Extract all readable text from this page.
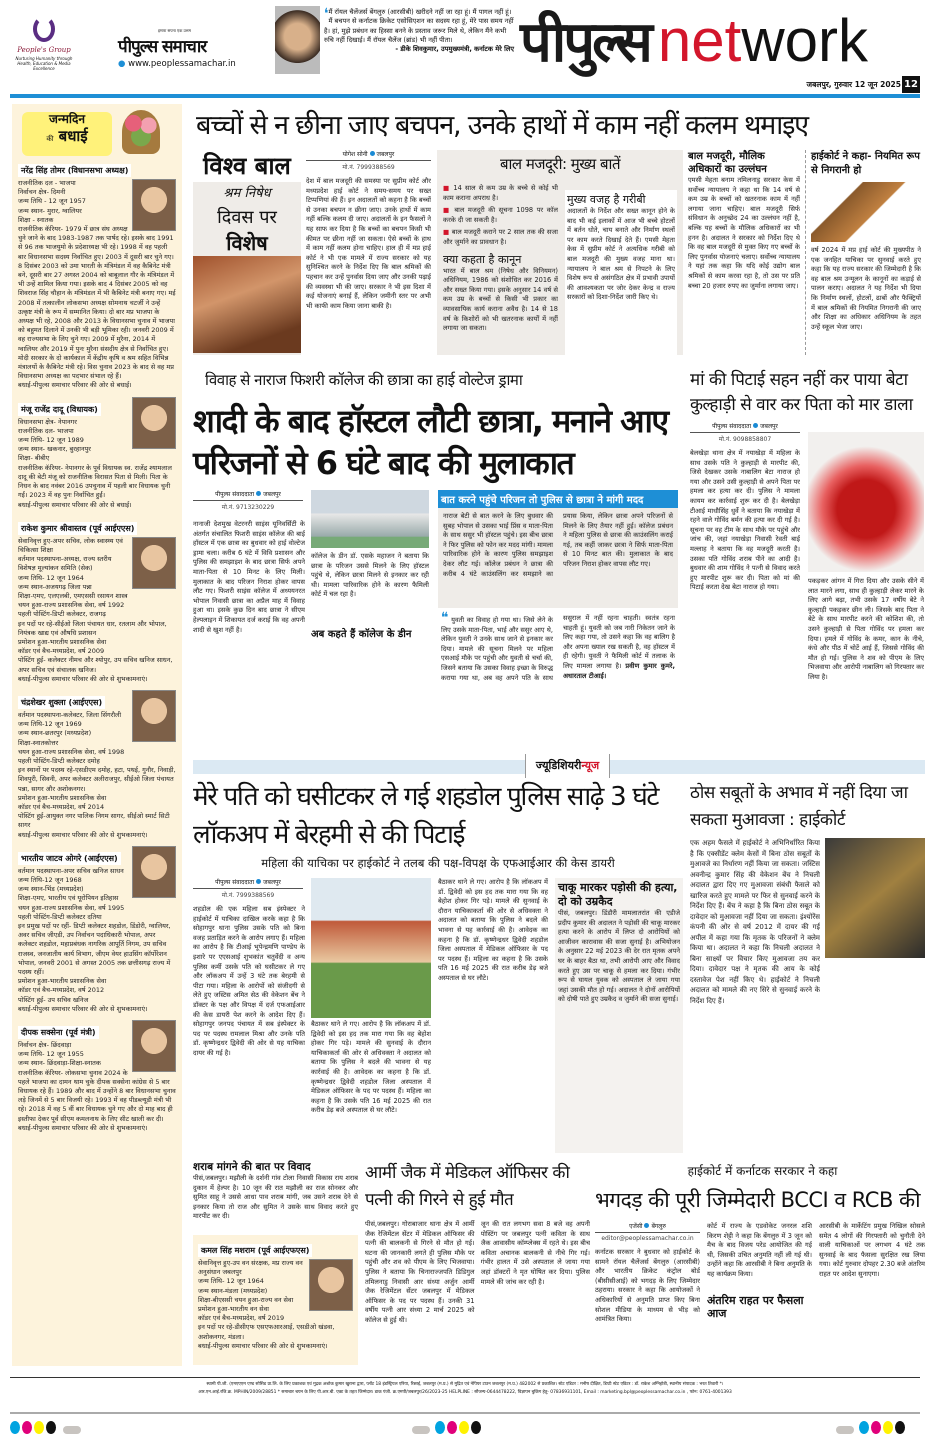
People's Group
Nurturing Humanity through Health, Education & Media Excellence
हमारा सपना एक उत्तम
पीपुल्स समाचार
● www.peoplessamachar.in
❛ मैं रॉयल चैलेंजर्स बेंगलुरु (आरसीबी) खरीदने नहीं जा रहा हूं। मैं पागल नहीं हूं। मैं बचपन से कर्नाटक क्रिकेट एसोसिएशन का सदस्य रहा हूं, मेरे पास समय नहीं है। हां, मुझे प्रबंधन का हिस्सा बनने के प्रस्ताव जरूर मिले थे, लेकिन मैंने कभी रुचि नहीं दिखाई। मैं रॉयल चैलेंज (ब्रांड) भी नहीं पीता।
- डीके शिवकुमार, उपमुख्यमंत्री, कर्नाटक मेरे लिए पीपुल्स network
जबलपुर, गुरुवार 12 जून 2025 12
जन्मदिन
की बधाई
नरेंद्र सिंह तोमर (विधानसभा अध्यक्ष)
राजनीतिक दल - भाजपा
निर्वाचन क्षेत्र- दिमनी
जन्म तिथि - 12 जून 1957
जन्म स्थान- मुरार, ग्वालियर
शिक्षा - स्नातक
राजनीतिक कॅरियर- 1979 में छात्र संघ अध्यक्ष चुने जाने के बाद 1983-1987 तक पार्षद रहे। इसके बाद 1991 से 96 तक भाजयुमो के प्रदेशाध्यक्ष भी रहे। 1998 में वह पहली बार विधानसभा सदस्य निर्वाचित हुए। 2003 में दूसरी बार चुने गए। 8 दिसंबर 2003 को उमा भारती के मंत्रिमंडल में वह कैबिनेट मंत्री बने, दूसरी बार 27 अगस्त 2004 को बाबूलाल गौर के मंत्रिमंडल में भी उन्हें शामिल किया गया। इसके बाद 4 दिसंबर 2005 को वह शिवराज सिंह चौहान के मंत्रिमंडल में भी कैबिनेट मंत्री बनाए गए। मई 2008 में तत्कालीन लोकसभा अध्यक्ष सोमनाथ चटर्जी ने उन्हें उत्कृष्ट मंत्री के रूप में सम्मानित किया। दो बार मप्र भाजपा के अध्यक्ष भी रहे, 2008 और 2013 के विधानसभा चुनाव में भाजपा को बहुमत दिलाने में उनकी भी बड़ी भूमिका रही। जनवरी 2009 में वह राज्यसभा के लिए चुने गए। 2009 में मुरैना, 2014 में ग्वालियर और 2019 में पुनः मुरैना संसदीय क्षेत्र से निर्वाचित हुए। मोदी सरकार के दो कार्यकाल में केंद्रीय कृषि व श्रम सहित विभिन्न मंत्रालयों के कैबिनेट मंत्री रहे। विस चुनाव 2023 के बाद से वह मप्र विधानसभा अध्यक्ष का पदभार संभाल रहे हैं।
बधाई-पीपुल्स समाचार परिवार की ओर से बधाई।
मंजू राजेंद्र दादू (विधायक)
विधानसभा क्षेत्र- नेपानगर
राजनीतिक दल- भाजपा
जन्म तिथि- 12 जून 1989
जन्म स्थान- खकनार, बुरहानपुर
शिक्षा- बीबीए
राजनीतिक कॅरियर- नेपानगर के पूर्व विधायक स्व. राजेंद्र श्यामलाल दादू की बेटी मंजू को राजनीतिक विरासत पिता से मिली। पिता के निधन के बाद नवंबर 2016 उपचुनाव में पहली बार विधायक चुनी गईं। 2023 में वह पुनः निर्वाचित हुईं।
बधाई-पीपुल्स समाचार परिवार की ओर से बधाई।
राकेश कुमार श्रीवास्तव (पूर्व आईएएस)
सेवानिवृत्त हुए-अपर सचिव, लोक स्वास्थ्य एवं चिकित्सा शिक्षा
वर्तमान पदस्थापना-अध्यक्ष, राज्य स्तरीय विशेषज्ञ मूल्यांकन समिति (सेक)
जन्म तिथि- 12 जून 1964
जन्म स्थान-अजयगढ़ जिला पन्ना
शिक्षा-एमए, एलएलबी, एमएससी रसायन शास्त्र
चयन हुआ-राज्य प्रशासनिक सेवा, वर्ष 1992
पहली पोस्टिंग-डिप्टी कलेक्टर, राजगढ़
इन पदों पर रहे-सीईओ जिला पंचायत धार, रतलाम और भोपाल, नियंत्रक खाद्य एवं औषधि प्रशासन
प्रमोशन हुआ-भारतीय प्रशासनिक सेवा
कॉडर एवं बैच-मध्यप्रदेश, वर्ष 2009
पोस्टिंग हुई- कलेक्टर नीमच और श्योपुर, उप सचिव खनिज साधन, अपर सचिव एवं संचालक खनिज।
बधाई-पीपुल्स समाचार परिवार की ओर से शुभकामनाएं।
चंद्रशेखर शुक्ला (आईएएस)
वर्तमान पदस्थापना-कलेक्टर, जिला सिंगरौली
जन्म तिथि-12 जून 1969
जन्म स्थान-छतरपुर (मध्यप्रदेश)
शिक्षा-स्नातकोत्तर
चयन हुआ-राज्य प्रशासनिक सेवा, वर्ष 1998
पहली पोस्टिंग-डिप्टी कलेक्टर दमोह
इन स्थानों पर पदस्थ रहे-एसडीएम दमोह, हटा, पथई, गुनौर, निवाड़ी, शिवपुरी, सिवनी, अपर कलेक्टर अलीराजपुर, सीईओ जिला पंचायत पन्ना, सागर और अशोकनगर।
प्रमोशन हुआ-भारतीय प्रशासनिक सेवा
कॉडर एवं बैच-मध्यप्रदेश, वर्ष 2014
पोस्टिंग हुई-आयुक्त नगर पालिक निगम सागर, सीईओ स्मार्ट सिटी सागर
बधाई-पीपुल्स समाचार परिवार की ओर से शुभकामनाएं।
भारतीय जाटव ओगरे (आईएएस)
वर्तमान पदस्थापना-अपर सचिव खनिज साधन
जन्म तिथि-12 जून 1968
जन्म स्थान-भिंड (मध्यप्रदेश)
शिक्षा-एमए, भारतीय एवं यूरोपियन इतिहास
चयन हुआ-राज्य प्रशासनिक सेवा, वर्ष 1995
पहली पोस्टिंग-डिप्टी कलेक्टर दतिया
इन प्रमुख पदों पर रहीं- डिप्टी कलेक्टर शहडोल, डिंडोरी, ग्वालियर, अवर सचिव जीएडी, उप निर्वाचन पदाधिकारी भोपाल, अपर कलेक्टर शहडोल, महाप्रबंधक नागरिक आपूर्ति निगम, उप सचिव राजस्व, जनजातीय कार्य विभाग, जीएम वेयर हाउसिंग कॉर्पोरेशन भोपाल, जनवरी 2001 से अगस्त 2005 तक छत्तीसगढ़ राज्य में पदस्थ रहीं।
प्रमोशन हुआ-भारतीय प्रशासनिक सेवा
कॉडर एवं बैच-मध्यप्रदेश, वर्ष 2012
पोस्टिंग हुई- उप सचिव खनिज
बधाई-पीपुल्स समाचार परिवार की ओर से शुभकामनाएं।
दीपक सक्सेना (पूर्व मंत्री)
निर्वाचन क्षेत्र- छिंदवाड़ा
जन्म तिथि- 12 जून 1955
जन्म स्थान- छिंदवाड़ा-शिक्षा-स्नातक
राजनीतिक कॅरियर- लोकसभा चुनाव 2024 के पहले भाजपा का दामन थाम चुके दीपक सक्सेना कांग्रेस से 5 बार विधायक रहे हैं। 1989 और बाद में उन्होंने 8 बार विधानसभा चुनाव लड़े जिनमें से 5 बार विजयी रहे। 1993 में वह पीडब्ल्यूडी मंत्री भी रहे। 2018 में वह 5 वीं बार विधायक चुने गए और दो माह बाद ही इस्तीफा देकर पूर्व सीएम कमलनाथ के लिए सीट खाली कर दी।
बधाई-पीपुल्स समाचार परिवार की ओर से शुभकामनाएं।
बच्चों से न छीना जाए बचपन, उनके हाथों में काम नहीं कलम थमाइए
विश्व बाल
श्रम निषेध
दिवस पर
विशेष
योगेश सोनी जबलपुर
मो.नं. 7999388569
देश में बाल मजदूरी की समस्या पर सुप्रीम कोर्ट और मध्यप्रदेश हाई कोर्ट ने समय-समय पर सख्त टिप्पणियां की हैं। इन अदालतों को कहना है कि बच्चों से उनका बचपन न छीना जाए। उनके हाथों में काम नहीं बल्कि कलम दी जाए। अदालतों के इन फैसलों ने यह साफ कर दिया है कि बच्चों का बचपन किसी भी कीमत पर छीना नहीं जा सकता। ऐसे बच्चों के हाथ में काम नहीं कलम होना चाहिए। हाल ही में मप्र हाई कोर्ट ने भी एक मामले में राज्य सरकार को यह सुनिश्चित करने के निर्देश दिए कि बाल श्रमिकों की पहचान कर उन्हें पुनर्वास दिया जाए और उनकी पढ़ाई की व्यवस्था भी की जाए। सरकार ने भी इस दिशा में कई योजनाएं बनाई हैं, लेकिन जमीनी स्तर पर अभी भी काफी काम किया जाना बाकी है।
बाल मजदूरी: मुख्य बातें
■ 14 साल से कम उम्र के बच्चे से कोई भी काम कराना अपराध है।
■ बाल मजदूरी की सूचना 1098 पर कॉल करके दी जा सकती है।
■ बाल मजदूरी कराने पर 2 साल तक की सजा और जुर्माने का प्रावधान है।
क्या कहता है कानून
भारत में बाल श्रम (निषेध और विनियमन) अधिनियम, 1986 को संशोधित कर 2016 में और सख्त किया गया। इसके अनुसार 14 वर्ष से कम उम्र के बच्चों से किसी भी प्रकार का व्यावसायिक कार्य कराना अवैध है। 14 से 18 वर्ष के किशोरों को भी खतरनाक कार्यों में नहीं लगाया जा सकता।
मुख्य वजह है गरीबी
अदालतों के निर्देश और सख्त कानून होने के बाद भी कई इलाकों में आज भी बच्चे होटलों में बर्तन धोते, चाय बनाते और निर्माण स्थलों पर काम करते दिखाई देते हैं। एमसी मेहता केस में सुप्रीम कोर्ट ने अत्यधिक गरीबी को बाल मजदूरी की मुख्य वजह माना था। न्यायालय ने बाल श्रम से निपटने के लिए विशेष रूप से असंगठित क्षेत्र में प्रभावी उपायों की आवश्यकता पर जोर देकर केन्द्र व राज्य सरकारों को दिशा-निर्देश जारी किए थे।
बाल मजदूरी, मौलिक अधिकारों का उल्लंघन
एमसी मेहता बनाम तमिलनाडु सरकार केस में सर्वोच्च न्यायालय ने कहा था कि 14 वर्ष से कम उम्र के बच्चों को खतरनाक काम में नहीं लगाया जाना चाहिए। बाल मजदूरी सिर्फ संविधान के अनुच्छेद 24 का उल्लंघन नहीं है, बल्कि यह बच्चों के मौलिक अधिकारों का भी हनन है। अदालत ने सरकार को निर्देश दिए थे कि वह बाल मजदूरी से मुक्त किए गए बच्चों के लिए पुनर्वास योजनाएं चलाए। सर्वोच्च न्यायालय ने यहां तक कहा कि यदि कोई उद्योग बाल श्रमिकों से काम करवा रहा है, तो उस पर प्रति बच्चा 20 हजार रुपए का जुर्माना लगाया जाए।
हाईकोर्ट ने कहा- नियमित रूप से निगरानी हो
वर्ष 2024 में मप्र हाई कोर्ट की मुख्यपीठ ने एक जनहित याचिका पर सुनवाई करते हुए कहा कि यह राज्य सरकार की जिम्मेदारी है कि वह बाल श्रम उन्मूलन के कानूनों का कड़ाई से पालन कराए। अदालत ने यह निर्देश भी दिया कि निर्माण स्थलों, होटलों, ढाबों और फैक्ट्रियों में बाल श्रमिकों की नियमित निगरानी की जाए और शिक्षा का अधिकार अधिनियम के तहत उन्हें स्कूल भेजा जाए।
विवाह से नाराज फिशरी कॉलेज की छात्रा का हाई वोल्टेज ड्रामा
शादी के बाद हॉस्टल लौटी छात्रा, मनाने आए परिजनों से 6 घंटे बाद की मुलाकात
पीपुल्स संवाददाता जबलपुर
मो.नं. 9713230229
नानाजी देशमुख वेटरनरी साइंस यूनिवर्सिटी के अंतर्गत संचालित फिशरी साइंस कॉलेज की बाई हॉस्टल में एक छात्रा का बुधवार को हाई वोल्टेज ड्रामा चला। करीब 6 घंटे में विवि प्रशासन और पुलिस की समझाइश के बाद छात्रा सिर्फ अपने माता-पिता से 10 मिनट के लिए मिली। मुलाकात के बाद परिजन निराश होकर वापस लौट गए। फिशरी साइंस कॉलेज में अध्ययनरत भोपाल निवासी छात्रा का अप्रैल माह में विवाह हुआ था। इसके कुछ दिन बाद छात्रा ने सीएम हेल्पलाइन में शिकायत दर्ज कराई कि वह अपनी शादी से खुश नहीं है।
कॉलेज के डीन डॉ. एसके महाजन ने बताया कि छात्रा के परिजन उससे मिलने के लिए हॉस्टल पहुंचे थे, लेकिन छात्रा मिलने से इनकार कर रही थी। मामला पारिवारिक होने के कारण फैमिली कोर्ट में चल रहा है।
अब कहते हैं कॉलेज के डीन
बात करने पहुंचे परिजन तो पुलिस से छात्रा ने मांगी मदद
नाराज बेटी से बात करने के लिए बुधवार की सुबह भोपाल से उसका भाई प्रिंस व माता-पिता के साथ ससुर भी हॉस्टल पहुंचे। इस बीच छात्रा ने फिर पुलिस को फोन कर मदद मांगी। मामला पारिवारिक होने के कारण पुलिस समझाइश देकर लौट गई। कॉलेज प्रबंधन ने छात्रा की करीब 4 घंटे काउंसलिंग कर समझाने का प्रयास किया, लेकिन छात्रा अपने परिजनों से मिलने के लिए तैयार नहीं हुई। कॉलेज प्रबंधन ने महिला पुलिस से छात्रा की काउंसलिंग कराई गई, तब कहीं जाकर छात्रा ने सिर्फ माता-पिता से 10 मिनट बात की। मुलाकात के बाद परिजन निराश होकर वापस लौट गए।
❝ युवती का विवाह हो गया था। जिसे लेने के लिए उसके माता-पिता, भाई और ससुर आए थे, लेकिन युवती ने उनके साथ जाने से इनकार कर दिया। मामले की सूचना मिलने पर महिला एसआई मौके पर पहुंची और युवती से चर्चा की, जिसने बताया कि उसका विवाह इच्छा के विरुद्ध कराया गया था, अब वह अपने पति के साथ ससुराल में नहीं रहना चाहती। स्वतंत्र रहना चाहती हूं। युवती को जब नारी निकेतन जाने के लिए कहा गया, तो उसने कहा कि वह बालिग है और अपना ख्याल रख सकती है, वह हॉस्टल में ही रहेगी। युवती ने फैमिली कोर्ट में तलाक के लिए मामला लगाया है। प्रवीण कुमार कुमरे, अधारताल टीआई।
मां की पिटाई सहन नहीं कर पाया बेटा कुल्हाड़ी से वार कर पिता को मार डाला
पीपुल्स संवाददाता जबलपुर
मो.नं. 9098858807
बेलखेड़ा थाना क्षेत्र में नयाखेड़ा में महिला के साथ उसके पति ने कुल्हाड़ी से मारपीट की, जिसे देखकर उसके नाबालिग बेटा नाराज हो गया और उसने उसी कुल्हाड़ी से अपने पिता पर हमला कर हत्या कर दी। पुलिस ने मामला कायम कर कार्रवाई शुरू कर दी है। बेलखेड़ा टीआई माधौसिंह धुर्वे ने बताया कि नयाखेड़ा में रहने वाले गोविंद बर्मन की हत्या कर दी गई है। सूचना पर वह टीम के साथ मौके पर पहुंचे और जांच की, जहां नयाखेड़ा निवासी रेवती बाई मल्लाह ने बताया कि वह मजदूरी करती है। उसका पति गोविंद शराब पीने का आदी है। बुधवार की शाम गोविंद ने पत्नी से विवाद करते हुए मारपीट शुरू कर दी। पिता को मां की पिटाई करता देख बेटा नाराज हो गया।
पकड़कर आंगन में गिरा दिया और उसके सीने में लात मारने लगा, साथ ही कुल्हाड़ी लेकर मारने के लिए आगे बढ़ा, तभी उसके 17 वर्षीय बेटे ने कुल्हाड़ी पकड़कर छीन ली। जिसके बाद पिता ने बेटे के साथ मारपीट करने की कोशिश की, तो उसने कुल्हाड़ी से पिता गोविंद पर हमला कर दिया। हमले में गोविंद के कमर, कान के नीचे, कंधे और पीठ में चोटें आई हैं, जिससे गोविंद की मौत हो गई। पुलिस ने शव को पीएम के लिए भिजवाया और आरोपी नाबालिग को गिरफ्तार कर लिया है।
ज्यूडिशियरीन्यूज
मेरे पति को घसीटकर ले गई शहडोल पुलिस साढ़े 3 घंटे लॉकअप में बेरहमी से की पिटाई
महिला की याचिका पर हाईकोर्ट ने तलब की पक्ष-विपक्ष के एफआईआर की केस डायरी
पीपुल्स संवाददाता जबलपुर
मो.नं. 7999388569
शहडोल की एक महिला सब इंस्पेक्टर ने हाईकोर्ट में याचिका दाखिल करके कहा है कि सोहागपुर थाना पुलिस उसके पति को बिना वजह प्रताड़ित करने के आरोप लगाए हैं। महिला का आरोप है कि टीआई भूपेन्द्रमणि पाण्डेय के इशारे पर एएसआई शुभकांत चतुर्वेदी व अन्य पुलिस कर्मी उसके पति को घसीटकर ले गए और लॉकअप में उन्हें 3 घंटे तक बेरहमी से पीटा गया। महिला के आरोपों को संजीदगी से लेते हुए जस्टिस अमित सेठ की वेकेशन बेंच ने डॉक्टर के पक्ष और विपक्ष में दर्ज एफआईआर की केस डायरी पेश करने के आदेश दिए हैं। सोहागपुर जनपद पंचायत में सब इंस्पेक्टर के पद पर पदस्थ रामलाल मिश्रा और उनके पति डॉ. कृष्णेन्द्रधर द्विवेदी की ओर से यह याचिका दायर की गई है।
बैठाकर थाने ले गए। आरोप है कि लॉकअप में डॉ. द्विवेदी को इस हद तक मारा गया कि वह बेहोश होकर गिर पड़े। मामले की सुनवाई के दौरान याचिकाकर्ता की ओर से अधिवक्ता ने अदालत को बताया कि पुलिस ने बदले की भावना से यह कार्रवाई की है। आवेदक का कहना है कि डॉ. कृष्णेन्द्रधर द्विवेदी शहडोल जिला अस्पताल में मेडिकल ऑफिसर के पद पर पदस्थ हैं। महिला का कहना है कि उसके पति 16 मई 2025 की रात करीब डेढ़ बजे अस्पताल से घर लौटे।
बैठाकर थाने ले गए। आरोप है कि लॉकअप में डॉ. द्विवेदी को इस हद तक मारा गया कि वह बेहोश होकर गिर पड़े। मामले की सुनवाई के दौरान याचिकाकर्ता की ओर से अधिवक्ता ने अदालत को बताया कि पुलिस ने बदले की भावना से यह कार्रवाई की है। आवेदक का कहना है कि डॉ. कृष्णेन्द्रधर द्विवेदी शहडोल जिला अस्पताल में मेडिकल ऑफिसर के पद पर पदस्थ हैं। महिला का कहना है कि उसके पति 16 मई 2025 की रात करीब डेढ़ बजे अस्पताल से घर लौटे।
चाकू मारकर पड़ोसी की हत्या, दो को उम्रकैद
पीसं, जबलपुर। डिंडौरी मामलातरांत की एडीजे प्रदीप कुमार की अदालत ने पड़ोसी की चाकू मारकर हत्या करने के आरोप में लिप्त दो आरोपियों को आजीवन कारावास की सजा सुनाई है। अभियोजन के अनुसार 22 मई 2023 की देर रात मृतक अपने घर के बाहर बैठा था, तभी आरोपी आए और विवाद करते हुए उस पर चाकू से हमला कर दिया। गंभीर रूप से घायल युवक को अस्पताल ले जाया गया जहां उसकी मौत हो गई। अदालत ने दोनों आरोपियों को दोषी पाते हुए उम्रकैद व जुर्माने की सजा सुनाई।
ठोस सबूतों के अभाव में नहीं दिया जा सकता मुआवजा : हाईकोर्ट
एक अहम फैसले में हाईकोर्ट ने अभिनिर्धारित किया है कि एक्सीडेंट क्लेम केसों में बिना ठोस सबूतों के मुआवजे का निर्धारण नहीं किया जा सकता। जस्टिस अवनीन्द्र कुमार सिंह की वेकेशन बेंच ने निचली अदालत द्वारा दिए गए मुआवजा संबंधी फैसले को खारिज करते हुए मामले पर फिर से सुनवाई करने के निर्देश दिए हैं। बेंच ने कहा है कि बिना ठोस सबूत के दावेदार को मुआवजा नहीं दिया जा सकता। इंश्योरेंस कंपनी की ओर से वर्ष 2012 में दायर की गई अपील में कहा गया कि मृतक के परिजनों ने क्लेम किया था। अदालत ने कहा कि निचली अदालत ने बिना साक्ष्यों पर विचार किए मुआवजा तय कर दिया। दावेदार पक्ष ने मृतक की आय के कोई दस्तावेज पेश नहीं किए थे। हाईकोर्ट ने निचली अदालत को मामले की नए सिरे से सुनवाई करने के निर्देश दिए हैं।
शराब मांगने की बात पर विवाद
पीसं,जबलपुर। मझौली के दर्शनी गांव टोला निवासी विकास राय शराब दुकान में हेल्पर है। 10 जून की रात मझौली का राज सोनकर और सुमित साहू ने उससे आधा पाव शराब मांगी, जब उसने शराब देने से इनकार किया तो राज और सुमित ने उसके साथ विवाद करते हुए मारपीट कर दी।
कमल सिंह मशराम (पूर्व आईएफएस)
सेवानिवृत्त हुए-उप वन संरक्षक, मप्र राज्य वन अनुसंधान जबलपुर
जन्म तिथि- 12 जून 1964
जन्म स्थान-मंडला (मध्यप्रदेश)
शिक्षा-बीएससी चयन हुआ-राज्य वन सेवा
प्रमोशन हुआ-भारतीय वन सेवा
कॉडर एवं बैच-मध्यप्रदेश, वर्ष 2019
इन पदों पर रहे-डीसीएफ एसएफआरआई, एसडीओ खंडवा, अशोकनगर, मंडला।
बधाई-पीपुल्स समाचार परिवार की ओर से शुभकामनाएं।
आर्मी जैक में मेडिकल ऑफिसर की पत्नी की गिरने से हुई मौत
पीसं,जबलपुर। गोराबाजार थाना क्षेत्र में आर्मी जैक रेजिमेंटल सेंटर में मेडिकल ऑफिसर की पत्नी की बालकनी से गिरने से मौत हो गई। घटना की जानकारी लगते ही पुलिस मौके पर पहुंची और शव को पीएम के लिए भिजवाया। पुलिस ने बताया कि चिनाराज्जपति डिडिगुल तमिलनाडु निवासी आर संध्या अर्जुन आर्मी जैक रेजिमेंटल सेंटर जबलपुर में मेडिकल ऑफिसर के पद पर पदस्थ हैं। उनकी 31 वर्षीय पत्नी आर संध्या 2 मार्च 2025 को कॉलेज से हुई थी।
जून की रात लगभग सवा 8 बजे वह अपनी पोस्टिंग पर जबलपुर पत्नी कविता के साथ जैक आवासीय कॉम्प्लेक्स में रहते थे। इस बीच कविता अचानक बालकनी से नीचे गिर गई। गंभीर हालत में उसे अस्पताल ले जाया गया जहां डॉक्टरों ने मृत घोषित कर दिया। पुलिस मामले की जांच कर रही है।
हाईकोर्ट में कर्नाटक सरकार ने कहा
भगदड़ की पूरी जिम्मेदारी BCCI व RCB की
एजेंसी बेंगलुरु
editor@peoplessamachar.co.in
कर्नाटक सरकार ने बुधवार को हाईकोर्ट के सामने रॉयल चैलेंजर्स बेंगलुरु (आरसीबी) और भारतीय क्रिकेट कंट्रोल बोर्ड (बीसीसीआई) को भगदड़ के लिए जिम्मेदार ठहराया। सरकार ने कहा कि आयोजकों ने अधिकारियों से अनुमति प्राप्त किए बिना सोशल मीडिया के माध्यम से भीड़ को आमंत्रित किया।
कोर्ट में राज्य के एडवोकेट जनरल शशि किरण शेट्टी ने कहा कि बेंगलुरु में 3 जून को मैच के बाद विजय परेड आयोजित की गई थी, जिसकी उचित अनुमति नहीं ली गई थी। उन्होंने कहा कि आरसीबी ने बिना अनुमति के यह कार्यक्रम किया।
अंतरिम राहत पर फैसला आज
आरसीबी के मार्केटिंग प्रमुख निखिल सोसले समेत 4 लोगों की गिरफ्तारी को चुनौती देने वाली याचिकाओं पर लगभग 4 घंटे तक सुनवाई के बाद फैसला सुरक्षित रख लिया गया। कोर्ट गुरुवार दोपहर 2.30 बजे अंतरिम राहत पर आदेश सुनाएगा।
स्वामी पी.जी. (एमएएएम एण्ड सोसिड प्रा.लि. के लिए प्रकाशक एवं मुद्रक अशोक कुमार खुराना द्वारा, प्लॉट 18 इंडस्ट्रियल एरिया, रिछाई, जबलपुर (म.प्र.) से मुद्रित एवं नेपियर टाउन जबलपुर (म.प्र.) 482002 से प्रकाशित। स्टेट एडिटर : मनीष दीक्षित, डिप्टी स्टेट एडिटर : डॉ. राकेश अग्निहोत्री, स्थानीय संपादक : भरत तिवारी *।
आर.एन.आई.रजि.क्र. MPHIN/2009/28851 * समाचार चयन के लिए पी.आर.बी. एक्ट के तहत जिम्मेदार। डाक पंजी. क्र.एमपी/जबलपुर/26/2023-25 HELPLINE : सौजन्य-0644478222, विज्ञापन बुकिंग हेतु- 07836931101, Email : marketing.bpl@peoplessamachar.co.in , फोन: 0761-4001393
